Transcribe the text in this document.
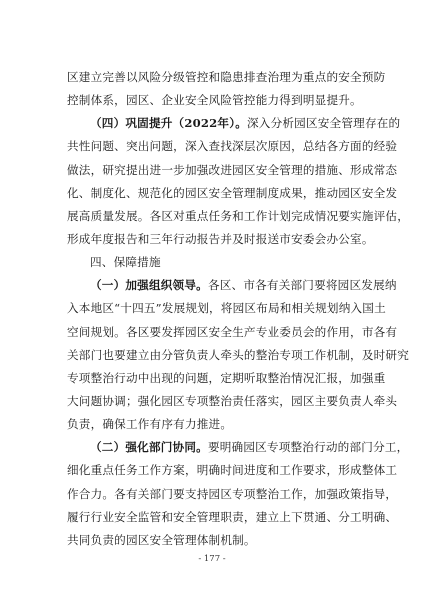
区建立完善以风险分级管控和隐患排查治理为重点的安全预防
控制体系，园区、企业安全风险管控能力得到明显提升。
（四）巩固提升（2022年）。深入分析园区安全管理存在的
共性问题、突出问题，深入查找深层次原因，总结各方面的经验
做法，研究提出进一步加强改进园区安全管理的措施、形成常态
化、制度化、规范化的园区安全管理制度成果，推动园区安全发
展高质量发展。各区对重点任务和工作计划完成情况要实施评估，
形成年度报告和三年行动报告并及时报送市安委会办公室。
四、保障措施
（一）加强组织领导。各区、市各有关部门要将园区发展纳
入本地区“十四五”发展规划，将园区布局和相关规划纳入国土
空间规划。各区要发挥园区安全生产专业委员会的作用，市各有
关部门也要建立由分管负责人牵头的整治专项工作机制，及时研究
专项整治行动中出现的问题，定期听取整治情况汇报，加强重
大问题协调；强化园区专项整治责任落实，园区主要负责人牵头
负责，确保工作有序有力推进。
（二）强化部门协同。要明确园区专项整治行动的部门分工，
细化重点任务工作方案，明确时间进度和工作要求，形成整体工
作合力。各有关部门要支持园区专项整治工作，加强政策指导，
履行行业安全监管和安全管理职责，建立上下贯通、分工明确、
共同负责的园区安全管理体制机制。
- 177 -
